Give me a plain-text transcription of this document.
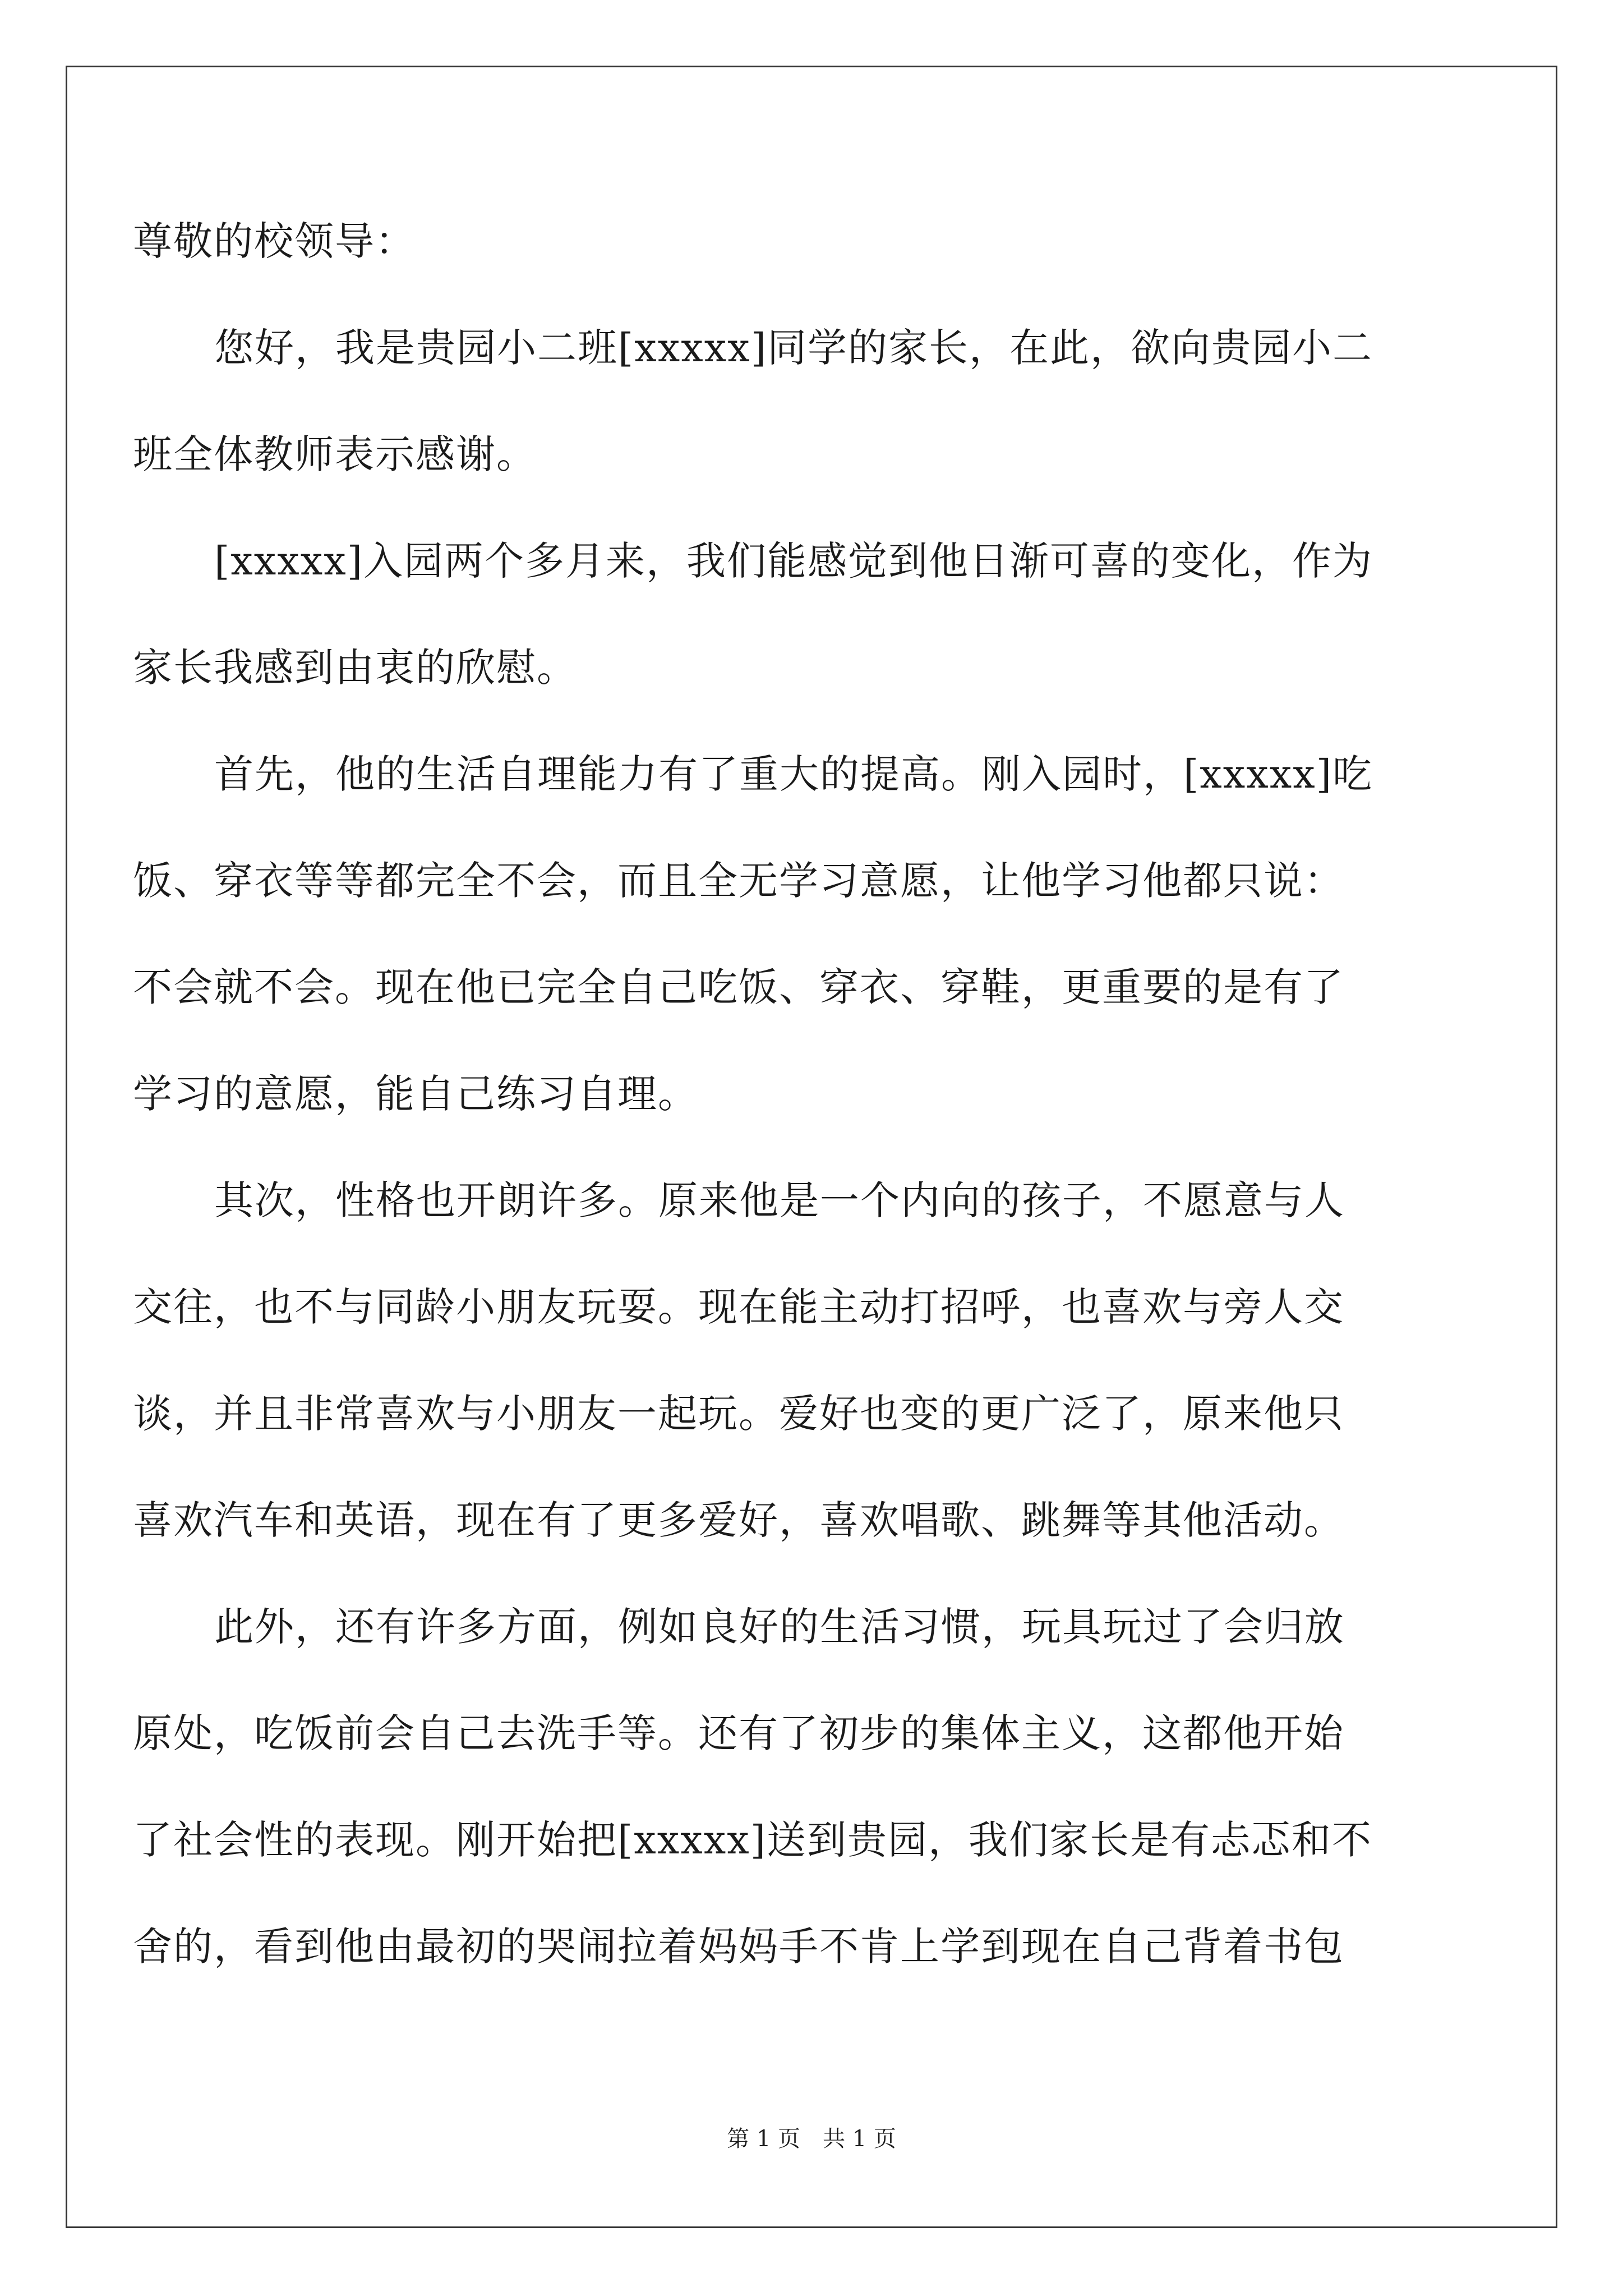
尊敬的校领导：
您好，我是贵园小二班[xxxxx]同学的家长，在此，欲向贵园小二
班全体教师表示感谢。
[xxxxx]入园两个多月来，我们能感觉到他日渐可喜的变化，作为
家长我感到由衷的欣慰。
首先，他的生活自理能力有了重大的提高。刚入园时，[xxxxx]吃
饭、穿衣等等都完全不会，而且全无学习意愿，让他学习他都只说：
不会就不会。现在他已完全自己吃饭、穿衣、穿鞋，更重要的是有了
学习的意愿，能自己练习自理。
其次，性格也开朗许多。原来他是一个内向的孩子，不愿意与人
交往，也不与同龄小朋友玩耍。现在能主动打招呼，也喜欢与旁人交
谈，并且非常喜欢与小朋友一起玩。爱好也变的更广泛了，原来他只
喜欢汽车和英语，现在有了更多爱好，喜欢唱歌、跳舞等其他活动。
此外，还有许多方面，例如良好的生活习惯，玩具玩过了会归放
原处，吃饭前会自己去洗手等。还有了初步的集体主义，这都他开始
了社会性的表现。刚开始把[xxxxx]送到贵园，我们家长是有忐忑和不
舍的，看到他由最初的哭闹拉着妈妈手不肯上学到现在自己背着书包
第 1 页　共 1 页
